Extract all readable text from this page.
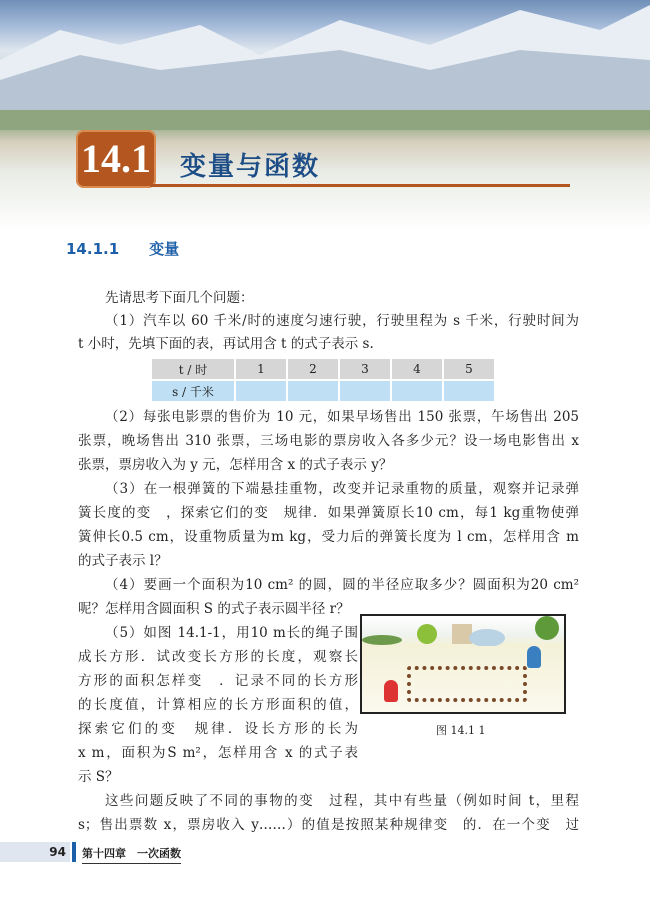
14.1 变量与函数
14.1.1 变量
先请思考下面几个问题：
（1）汽车以 60 千米/时的速度匀速行驶，行驶里程为 s 千米，行驶时间为
t 小时，先填下面的表，再试用含 t 的式子表示 s.
t / 时	1	2	3	4	5
s / 千米					
（2）每张电影票的售价为 10 元，如果早场售出 150 张票，午场售出 205
张票，晚场售出 310 张票，三场电影的票房收入各多少元？设一场电影售出 x
张票，票房收入为 y 元，怎样用含 x 的式子表示 y？
（3）在一根弹簧的下端悬挂重物，改变并记录重物的质量，观察并记录弹
簧长度的变　，探索它们的变　规律．如果弹簧原长10 cm，每1 kg重物使弹
簧伸长0.5 cm，设重物质量为m kg，受力后的弹簧长度为 l cm，怎样用含 m
的式子表示 l？
（4）要画一个面积为10 cm² 的圆，圆的半径应取多少？圆面积为20 cm²
呢？怎样用含圆面积 S 的式子表示圆半径 r？
（5）如图 14.1-1，用10 m长的绳子围
成长方形．试改变长方形的长度，观察长
方形的面积怎样变　．记录不同的长方形
的长度值，计算相应的长方形面积的值，
探索它们的变　规律．设长方形的长为
x m，面积为S m²，怎样用含 x 的式子表
示 S？
这些问题反映了不同的事物的变　过程，其中有些量（例如时间 t，里程
s；售出票数 x，票房收入 y……）的值是按照某种规律变　的．在一个变　过
图 14.1 1
94	第十四章　一次函数
